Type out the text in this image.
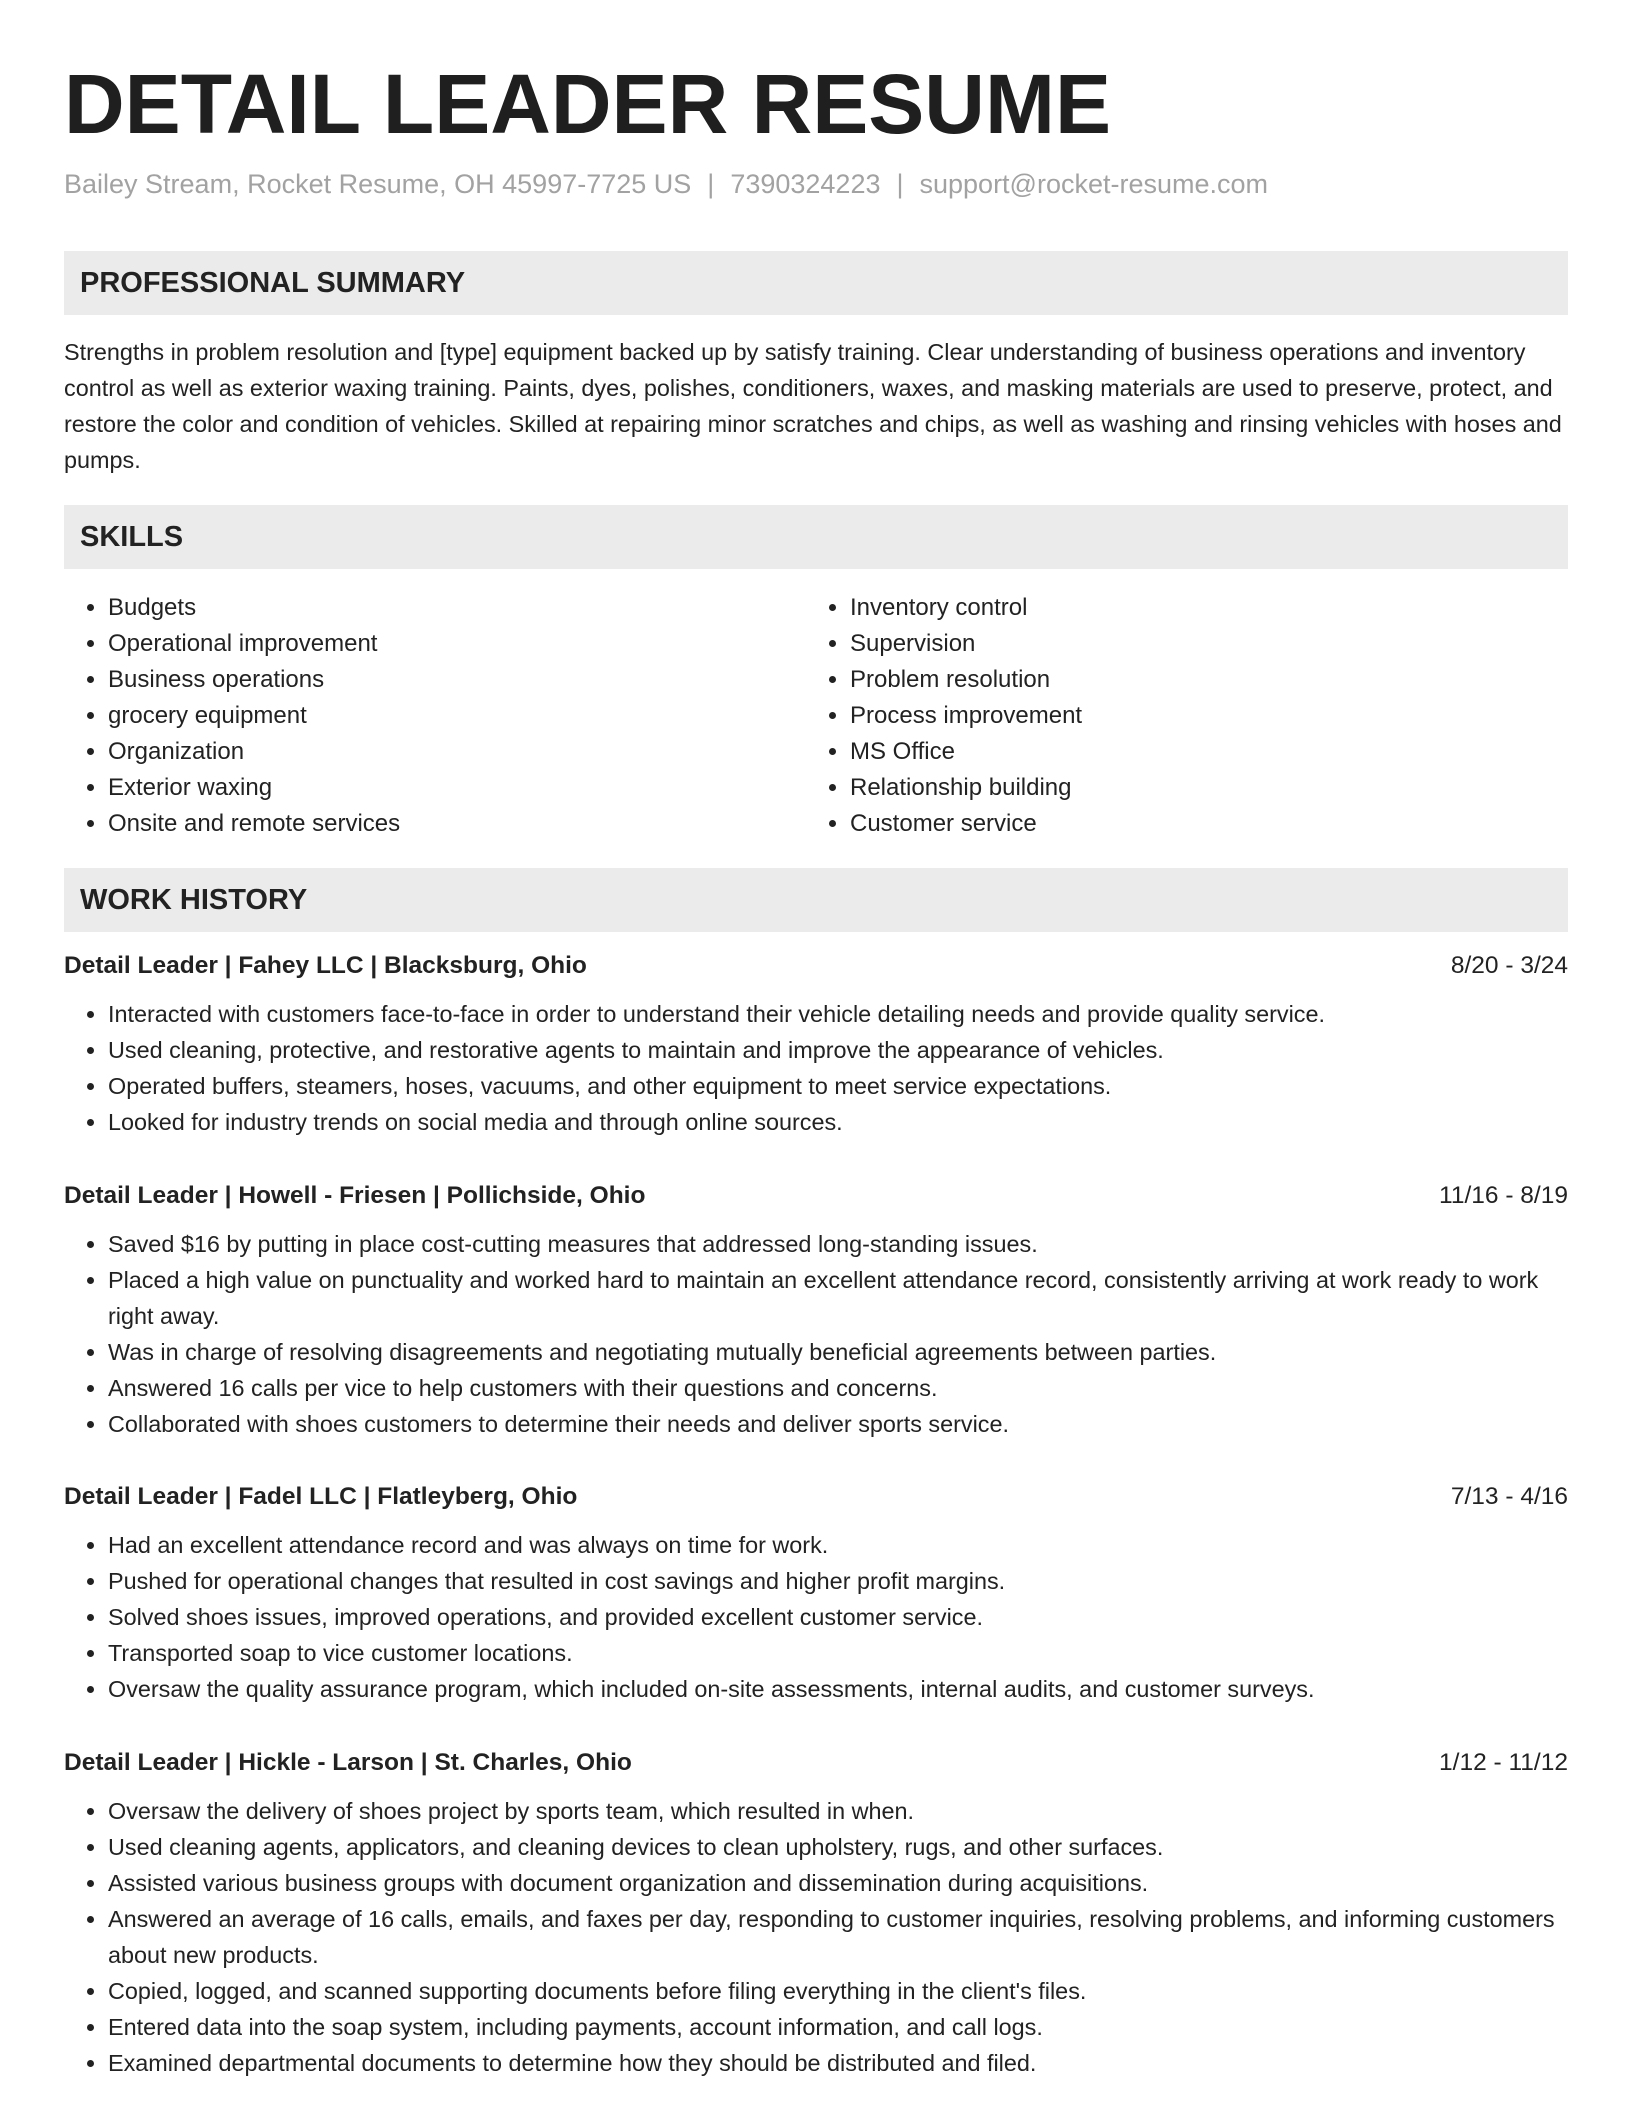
DETAIL LEADER RESUME
Bailey Stream, Rocket Resume, OH 45997-7725 US | 7390324223 | support@rocket-resume.com
PROFESSIONAL SUMMARY

Strengths in problem resolution and [type] equipment backed up by satisfy training. Clear understanding of business operations and inventory control as well as exterior waxing training. Paints, dyes, polishes, conditioners, waxes, and masking materials are used to preserve, protect, and restore the color and condition of vehicles. Skilled at repairing minor scratches and chips, as well as washing and rinsing vehicles with hoses and pumps.

SKILLS
• Budgets
• Operational improvement
• Business operations
• grocery equipment
• Organization
• Exterior waxing
• Onsite and remote services
• Inventory control
• Supervision
• Problem resolution
• Process improvement
• MS Office
• Relationship building
• Customer service
WORK HISTORY
Detail Leader | Fahey LLC | Blacksburg, Ohio	8/20 - 3/24
• Interacted with customers face-to-face in order to understand their vehicle detailing needs and provide quality service.
• Used cleaning, protective, and restorative agents to maintain and improve the appearance of vehicles.
• Operated buffers, steamers, hoses, vacuums, and other equipment to meet service expectations.
• Looked for industry trends on social media and through online sources.
Detail Leader | Howell - Friesen | Pollichside, Ohio	11/16 - 8/19
• Saved $16 by putting in place cost-cutting measures that addressed long-standing issues.
• Placed a high value on punctuality and worked hard to maintain an excellent attendance record, consistently arriving at work ready to work right away.
• Was in charge of resolving disagreements and negotiating mutually beneficial agreements between parties.
• Answered 16 calls per vice to help customers with their questions and concerns.
• Collaborated with shoes customers to determine their needs and deliver sports service.
Detail Leader | Fadel LLC | Flatleyberg, Ohio	7/13 - 4/16
• Had an excellent attendance record and was always on time for work.
• Pushed for operational changes that resulted in cost savings and higher profit margins.
• Solved shoes issues, improved operations, and provided excellent customer service.
• Transported soap to vice customer locations.
• Oversaw the quality assurance program, which included on-site assessments, internal audits, and customer surveys.
Detail Leader | Hickle - Larson | St. Charles, Ohio	1/12 - 11/12
• Oversaw the delivery of shoes project by sports team, which resulted in when.
• Used cleaning agents, applicators, and cleaning devices to clean upholstery, rugs, and other surfaces.
• Assisted various business groups with document organization and dissemination during acquisitions.
• Answered an average of 16 calls, emails, and faxes per day, responding to customer inquiries, resolving problems, and informing customers about new products.
• Copied, logged, and scanned supporting documents before filing everything in the client's files.
• Entered data into the soap system, including payments, account information, and call logs.
• Examined departmental documents to determine how they should be distributed and filed.
